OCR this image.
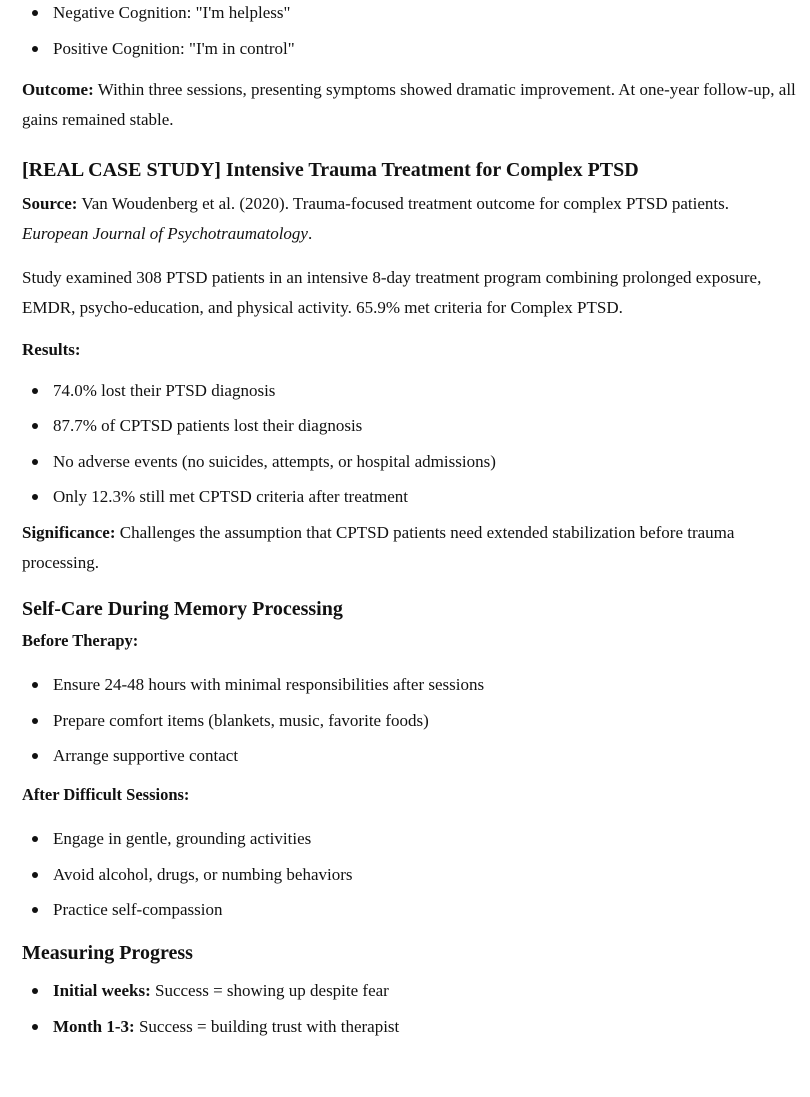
Negative Cognition: "I'm helpless"
Positive Cognition: "I'm in control"

Outcome: Within three sessions, presenting symptoms showed dramatic improvement. At one-year follow-up, all gains remained stable.

[REAL CASE STUDY] Intensive Trauma Treatment for Complex PTSD

Source: Van Woudenberg et al. (2020). Trauma-focused treatment outcome for complex PTSD patients.
European Journal of Psychotraumatology.

Study examined 308 PTSD patients in an intensive 8-day treatment program combining prolonged exposure, EMDR, psycho-education, and physical activity. 65.9% met criteria for Complex PTSD.

Results:

74.0% lost their PTSD diagnosis
87.7% of CPTSD patients lost their diagnosis
No adverse events (no suicides, attempts, or hospital admissions)
Only 12.3% still met CPTSD criteria after treatment

Significance: Challenges the assumption that CPTSD patients need extended stabilization before trauma processing.

Self-Care During Memory Processing
Before Therapy:
Ensure 24-48 hours with minimal responsibilities after sessions
Prepare comfort items (blankets, music, favorite foods)
Arrange supportive contact
After Difficult Sessions:
Engage in gentle, grounding activities
Avoid alcohol, drugs, or numbing behaviors
Practice self-compassion
Measuring Progress
Initial weeks: Success = showing up despite fear
Month 1-3: Success = building trust with therapist
